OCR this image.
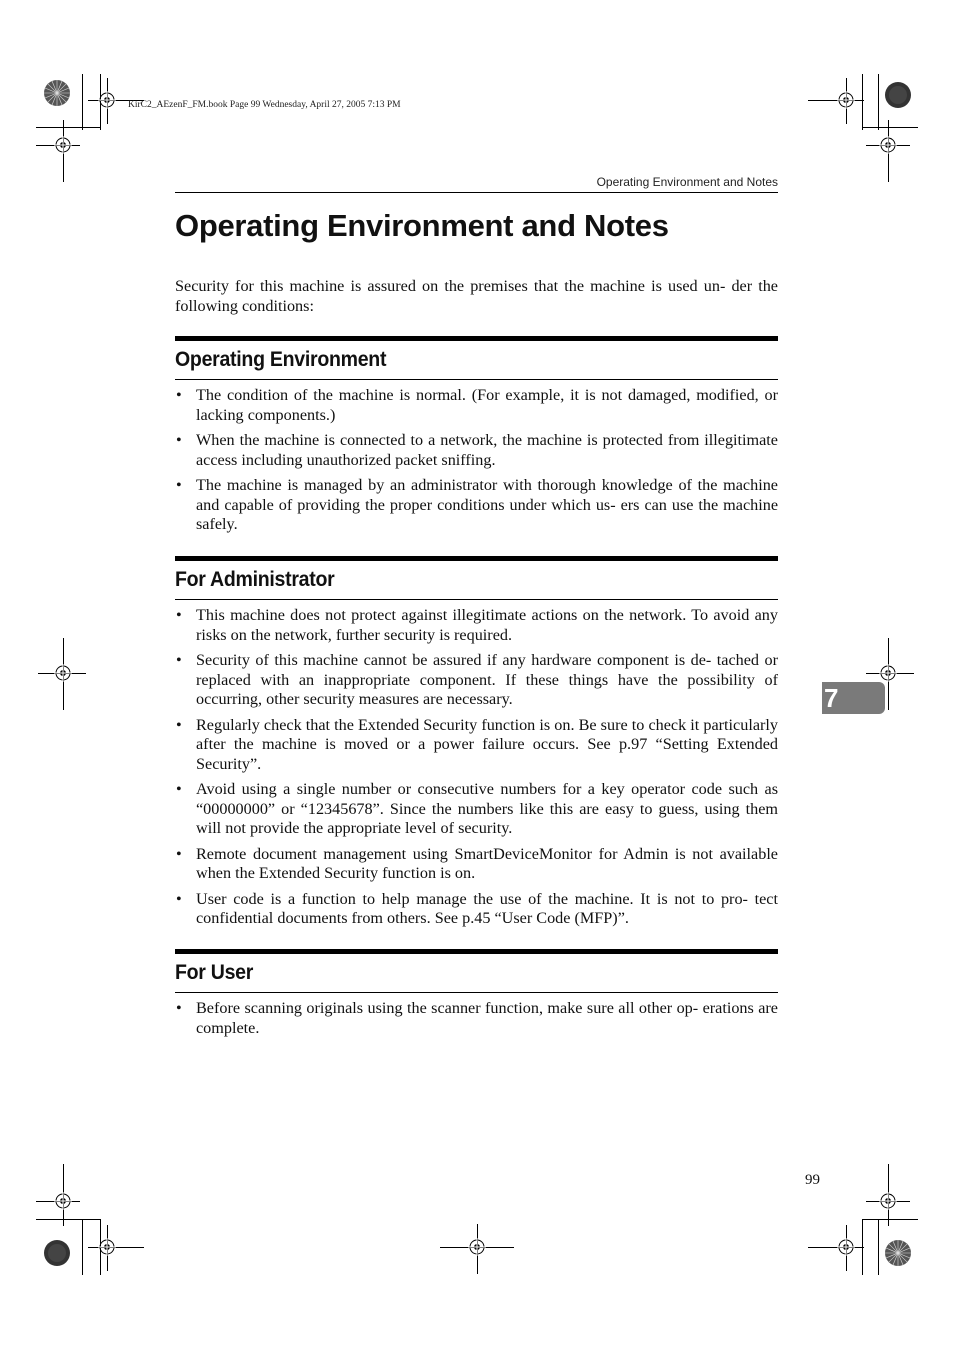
KirC2_AEzenF_FM.book Page 99 Wednesday, April 27, 2005 7:13 PM
Operating Environment and Notes
Operating Environment and Notes

Security for this machine is assured on the premises that the machine is used un- der the following conditions:

Operating Environment
• The condition of the machine is normal. (For example, it is not damaged, modified, or lacking components.)
• When the machine is connected to a network, the machine is protected from illegitimate access including unauthorized packet sniffing.
• The machine is managed by an administrator with thorough knowledge of the machine and capable of providing the proper conditions under which us- ers can use the machine safely.
For Administrator
• This machine does not protect against illegitimate actions on the network. To avoid any risks on the network, further security is required.
• Security of this machine cannot be assured if any hardware component is de- tached or replaced with an inappropriate component. If these things have the possibility of occurring, other security measures are necessary.
• Regularly check that the Extended Security function is on. Be sure to check it particularly after the machine is moved or a power failure occurs. See p.97 “Setting Extended Security”.
• Avoid using a single number or consecutive numbers for a key operator code such as “00000000” or “12345678”. Since the numbers like this are easy to guess, using them will not provide the appropriate level of security.
• Remote document management using SmartDeviceMonitor for Admin is not available when the Extended Security function is on.
• User code is a function to help manage the use of the machine. It is not to pro- tect confidential documents from others. See p.45 “User Code (MFP)”.
For User
• Before scanning originals using the scanner function, make sure all other op- erations are complete.
7
99
